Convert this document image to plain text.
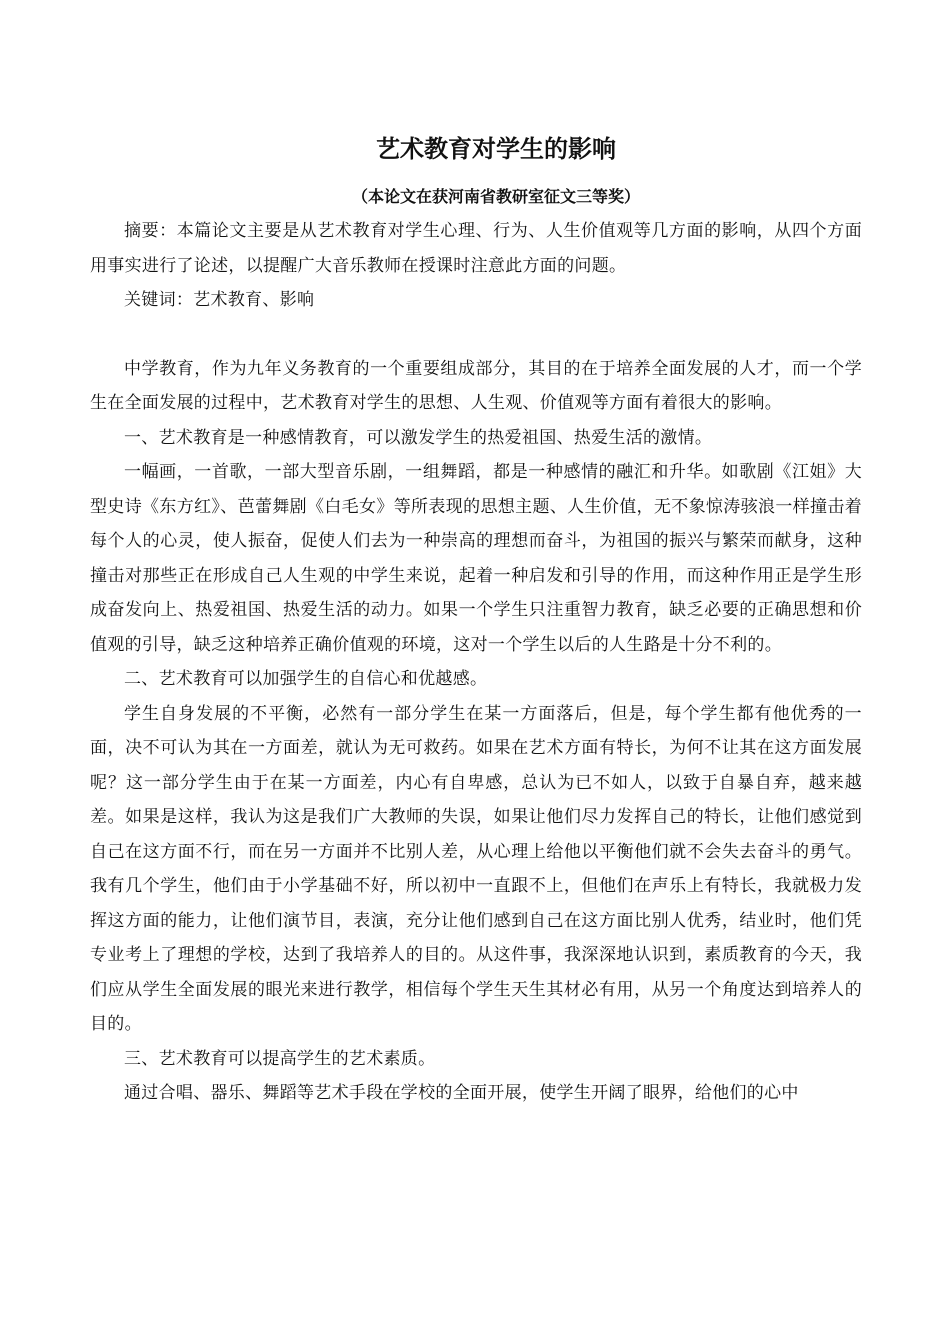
艺术教育对学生的影响
（本论文在获河南省教研室征文三等奖）

摘要：本篇论文主要是从艺术教育对学生心理、行为、人生价值观等几方面的影响，从四个方面用事实进行了论述，以提醒广大音乐教师在授课时注意此方面的问题。

关键词：艺术教育、影响

中学教育，作为九年义务教育的一个重要组成部分，其目的在于培养全面发展的人才，而一个学生在全面发展的过程中，艺术教育对学生的思想、人生观、价值观等方面有着很大的影响。

一、艺术教育是一种感情教育，可以激发学生的热爱祖国、热爱生活的激情。

一幅画，一首歌，一部大型音乐剧，一组舞蹈，都是一种感情的融汇和升华。如歌剧《江姐》大型史诗《东方红》、芭蕾舞剧《白毛女》等所表现的思想主题、人生价值，无不象惊涛骇浪一样撞击着每个人的心灵，使人振奋，促使人们去为一种崇高的理想而奋斗，为祖国的振兴与繁荣而献身，这种撞击对那些正在形成自己人生观的中学生来说，起着一种启发和引导的作用，而这种作用正是学生形成奋发向上、热爱祖国、热爱生活的动力。如果一个学生只注重智力教育，缺乏必要的正确思想和价值观的引导，缺乏这种培养正确价值观的环境，这对一个学生以后的人生路是十分不利的。

二、艺术教育可以加强学生的自信心和优越感。

学生自身发展的不平衡，必然有一部分学生在某一方面落后，但是，每个学生都有他优秀的一面，决不可认为其在一方面差，就认为无可救药。如果在艺术方面有特长，为何不让其在这方面发展呢？这一部分学生由于在某一方面差，内心有自卑感，总认为已不如人，以致于自暴自弃，越来越差。如果是这样，我认为这是我们广大教师的失误，如果让他们尽力发挥自己的特长，让他们感觉到自己在这方面不行，而在另一方面并不比别人差，从心理上给他以平衡他们就不会失去奋斗的勇气。我有几个学生，他们由于小学基础不好，所以初中一直跟不上，但他们在声乐上有特长，我就极力发挥这方面的能力，让他们演节目，表演，充分让他们感到自己在这方面比别人优秀，结业时，他们凭专业考上了理想的学校，达到了我培养人的目的。从这件事，我深深地认识到，素质教育的今天，我们应从学生全面发展的眼光来进行教学，相信每个学生天生其材必有用，从另一个角度达到培养人的目的。

三、艺术教育可以提高学生的艺术素质。

通过合唱、器乐、舞蹈等艺术手段在学校的全面开展，使学生开阔了眼界，给他们的心中
